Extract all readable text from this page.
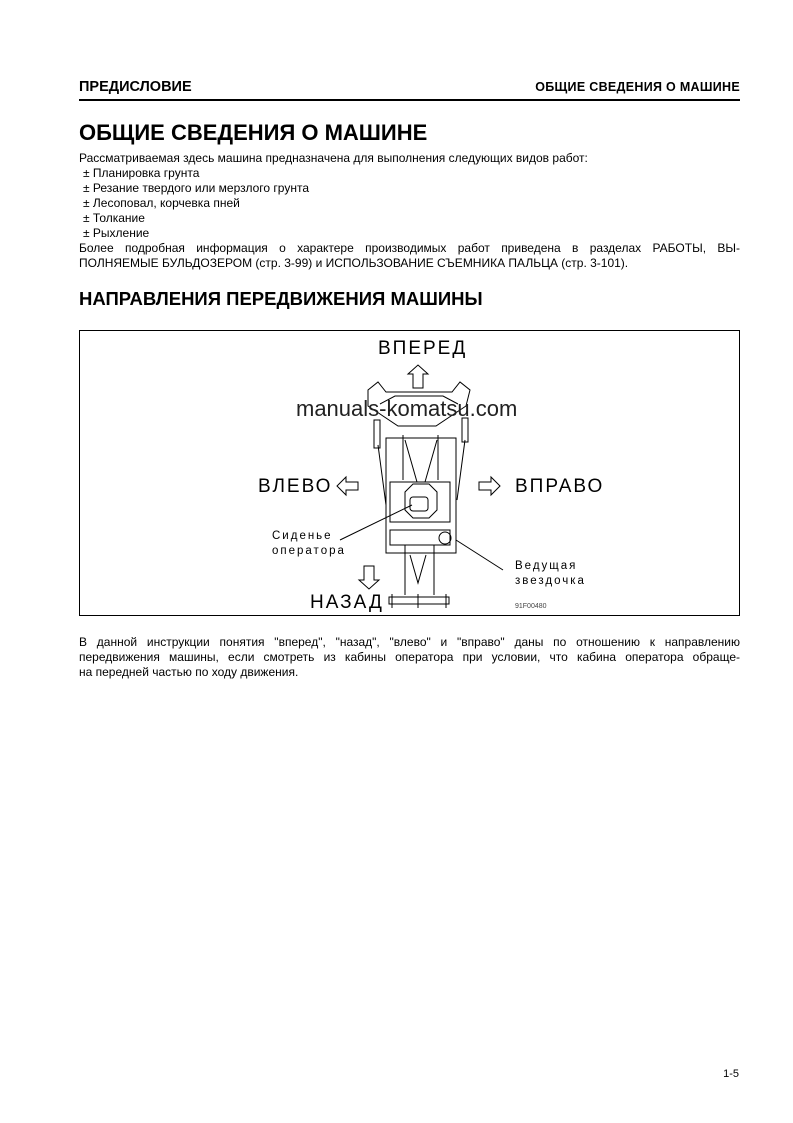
ПРЕДИСЛОВИЕ	ОБЩИЕ СВЕДЕНИЯ О МАШИНЕ
ОБЩИЕ СВЕДЕНИЯ О МАШИНЕ
Рассматриваемая здесь машина предназначена для выполнения следующих видов работ:
± Планировка грунта
± Резание твердого или мерзлого грунта
± Лесоповал, корчевка пней
± Толкание
± Рыхление
Более подробная информация о характере производимых работ приведена в разделах РАБОТЫ, ВЫ-
ПОЛНЯЕМЫЕ БУЛЬДОЗЕРОМ (стр. 3-99) и ИСПОЛЬЗОВАНИЕ СЪЕМНИКА ПАЛЬЦА (стр. 3-101).
НАПРАВЛЕНИЯ ПЕРЕДВИЖЕНИЯ МАШИНЫ
ВПЕРЕД
ВЛЕВО	ВПРАВО
НАЗАД
Сиденье
оператора
Ведущая
звездочка
91F00480
manuals-komatsu.com
В данной инструкции понятия "вперед", "назад", "влево" и "вправо" даны по отношению к направлению
передвижения машины, если смотреть из кабины оператора при условии, что кабина оператора обраще-
на передней частью по ходу движения.
1-5
